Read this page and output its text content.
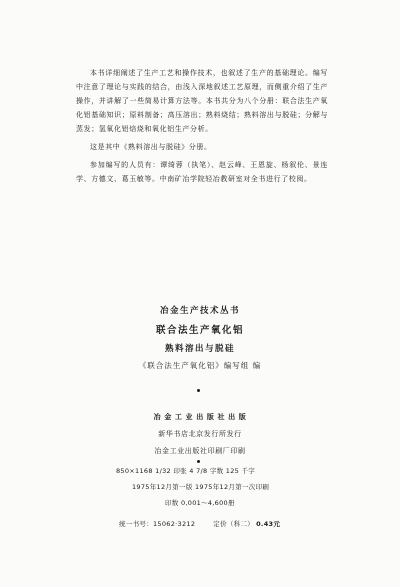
本书详细阐述了生产工艺和操作技术，也叙述了生产的基础理论。编写中注意了理论与实践的结合，由浅入深地叙述工艺原理，而侧重介绍了生产操作，并讲解了一些简易计算方法等。本书共分为八个分册：联合法生产氧化铝基础知识；原料制备；高压溶出；熟料烧结；熟料溶出与脱硅；分解与蒸发；氢氧化铝焙烧和氧化铝生产分析。

这是其中《熟料溶出与脱硅》分册。

参加编写的人员有：谭绮蓉（执笔）、赵云峰、王恩旋、杨叙伦、景连学、方德文、葛玉敏等。中南矿冶学院轻冶教研室对全书进行了校阅。

冶金生产技术丛书
联合法生产氧化铝
熟料溶出与脱硅
《联合法生产氧化铝》编写组 编
冶 金 工 业 出 版 社 出 版
新华书店北京发行所发行
冶金工业出版社印刷厂印刷
850×1168 1/32 印张 4 7/8 字数 125 千字
1975年12月第一版 1975年12月第一次印刷
印数 0,001～4,600册
统一书号：15062·3212	定价（科二） 0.43元
